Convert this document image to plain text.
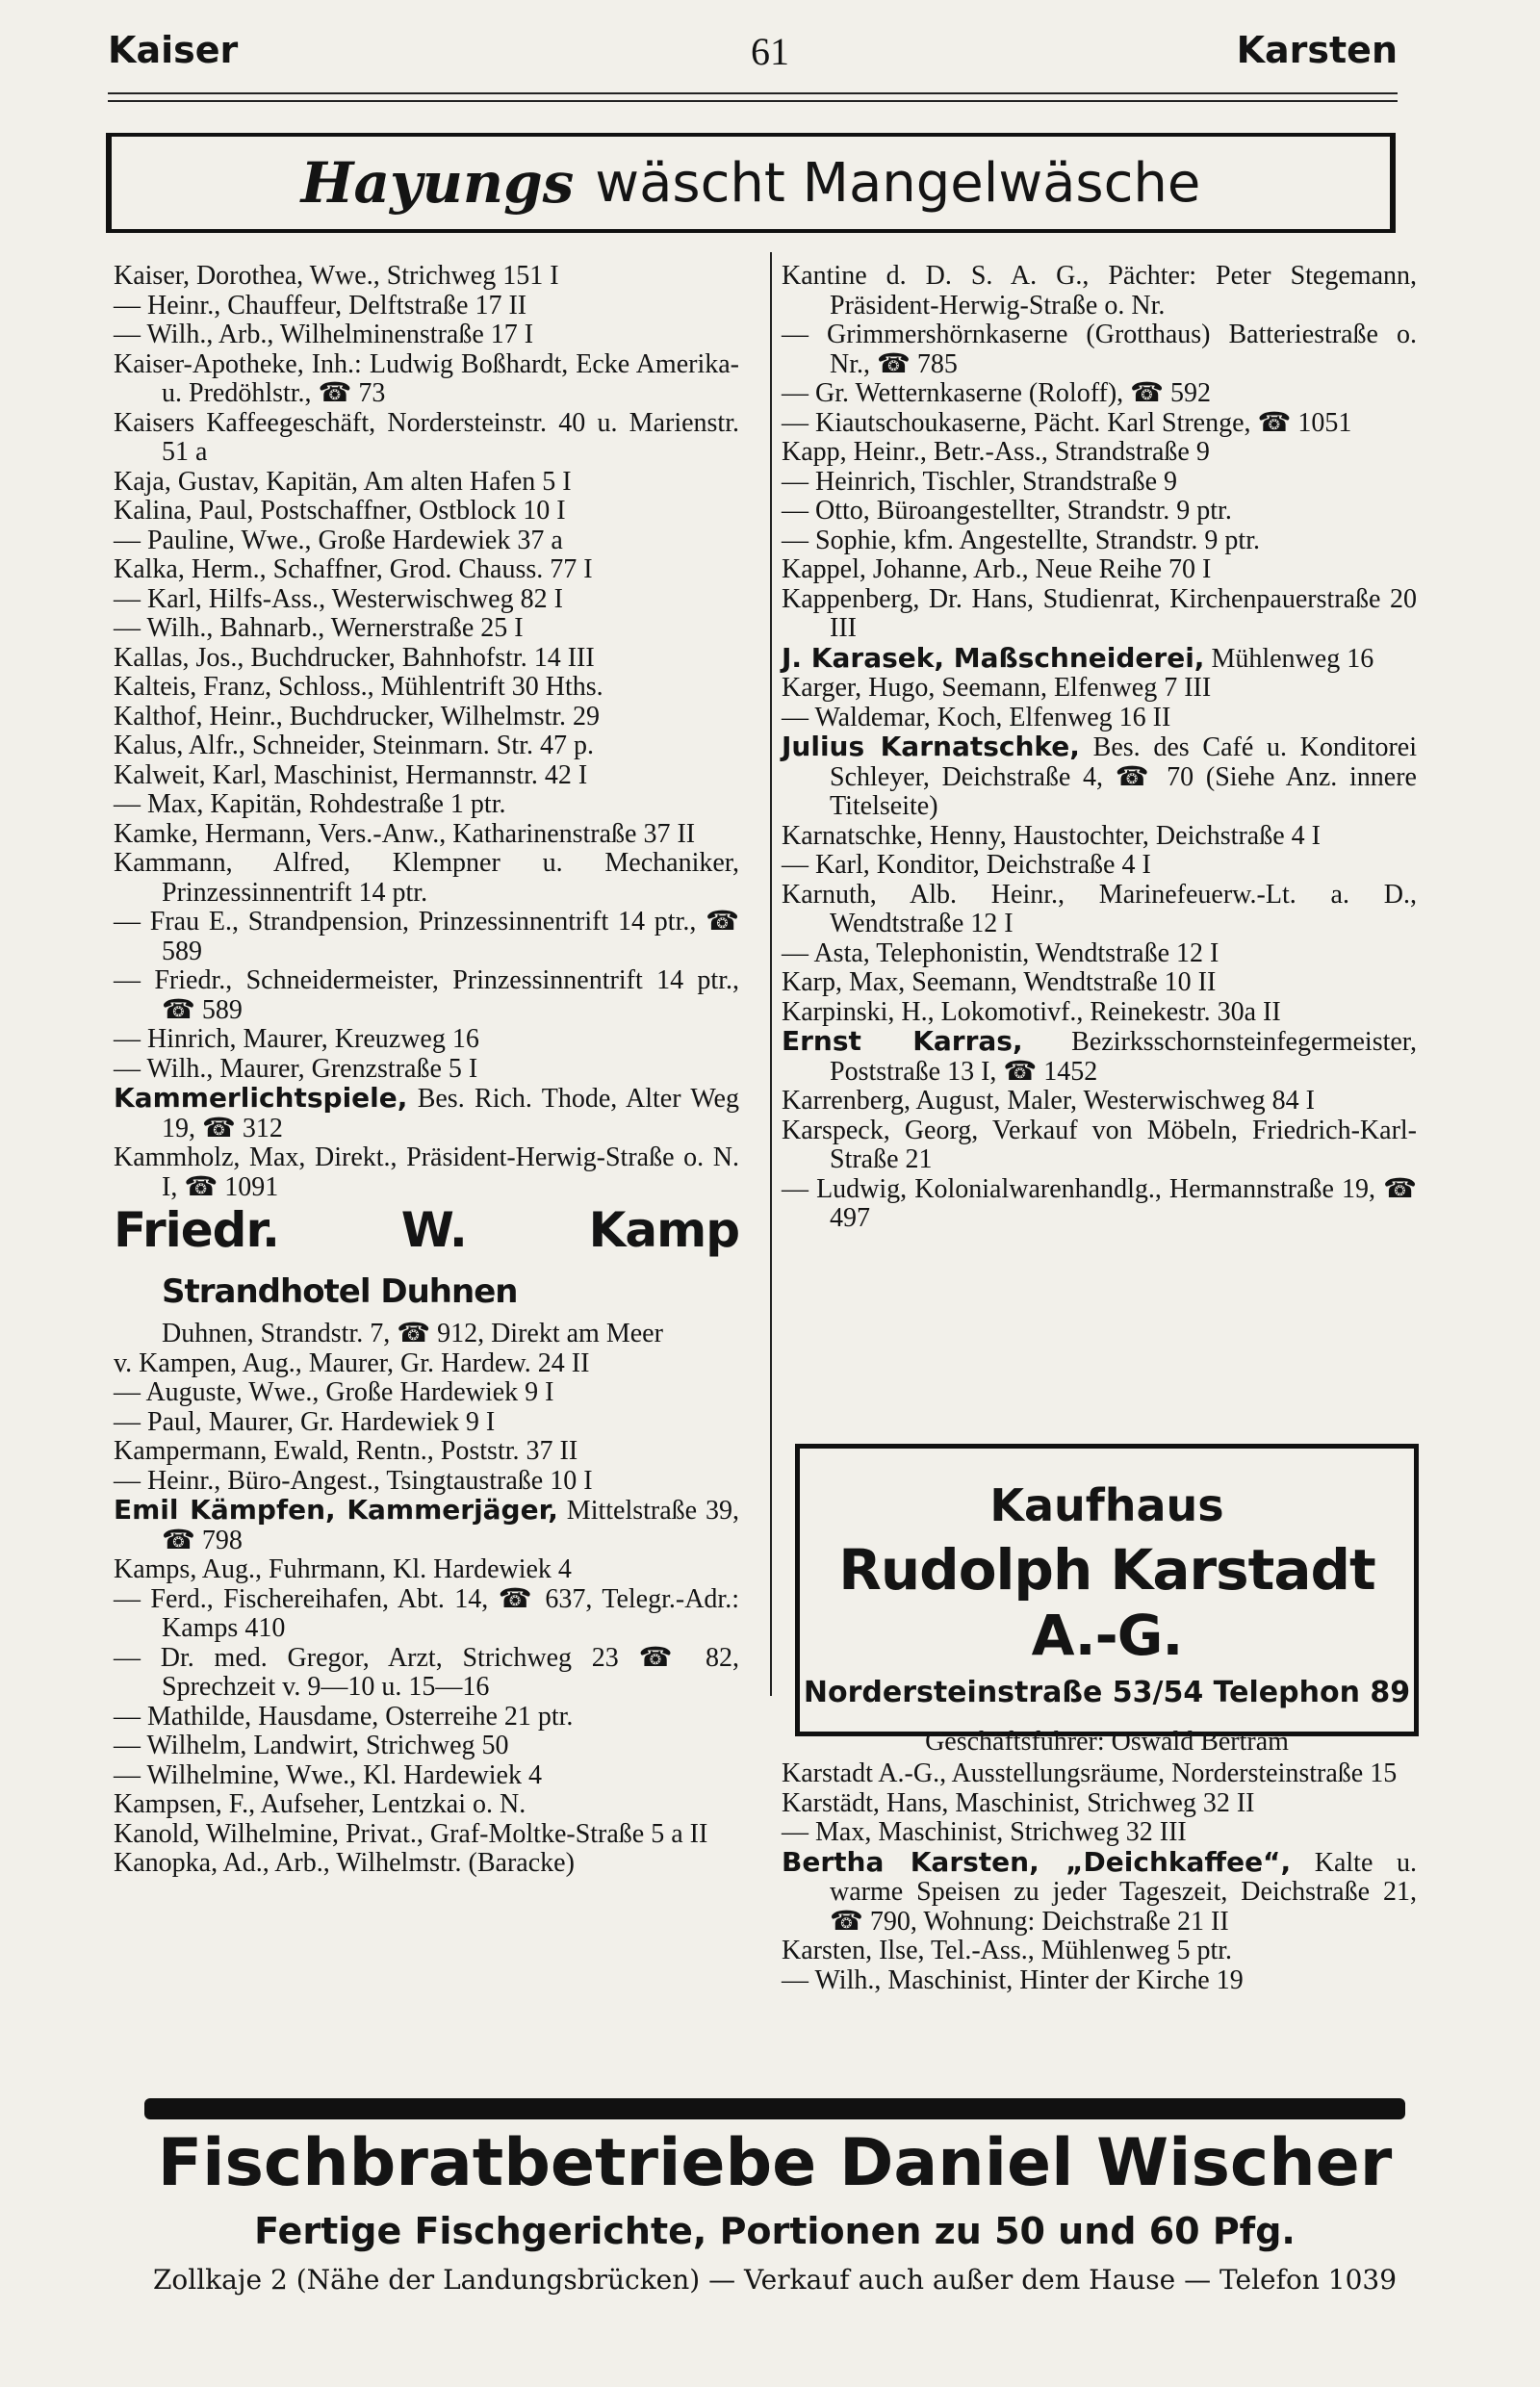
Kaiser	61	Karsten
Hayungs wäscht Mangelwäsche
Kaiser, Dorothea, Wwe., Strichweg 151 I
— Heinr., Chauffeur, Delftstraße 17 II
— Wilh., Arb., Wilhelminenstraße 17 I
Kaiser-Apotheke, Inh.: Ludwig Boßhardt, Ecke Amerika- u. Predöhlstr., ☎ 73
Kaisers Kaffeegeschäft, Nordersteinstr. 40 u. Marienstr. 51 a
Kaja, Gustav, Kapitän, Am alten Hafen 5 I
Kalina, Paul, Postschaffner, Ostblock 10 I
— Pauline, Wwe., Große Hardewiek 37 a
Kalka, Herm., Schaffner, Grod. Chauss. 77 I
— Karl, Hilfs-Ass., Westerwischweg 82 I
— Wilh., Bahnarb., Wernerstraße 25 I
Kallas, Jos., Buchdrucker, Bahnhofstr. 14 III
Kalteis, Franz, Schloss., Mühlentrift 30 Hths.
Kalthof, Heinr., Buchdrucker, Wilhelmstr. 29
Kalus, Alfr., Schneider, Steinmarn. Str. 47 p.
Kalweit, Karl, Maschinist, Hermannstr. 42 I
— Max, Kapitän, Rohdestraße 1 ptr.
Kamke, Hermann, Vers.-Anw., Katharinenstraße 37 II
Kammann, Alfred, Klempner u. Mechaniker, Prinzessinnentrift 14 ptr.
— Frau E., Strandpension, Prinzessinnentrift 14 ptr., ☎ 589
— Friedr., Schneidermeister, Prinzessinnentrift 14 ptr., ☎ 589
— Hinrich, Maurer, Kreuzweg 16
— Wilh., Maurer, Grenzstraße 5 I
Kammerlichtspiele, Bes. Rich. Thode, Alter Weg 19, ☎ 312
Kammholz, Max, Direkt., Präsident-Herwig-Straße o. N. I, ☎ 1091
Friedr. W. Kamp Strandhotel Duhnen
Duhnen, Strandstr. 7, ☎ 912, Direkt am Meer
v. Kampen, Aug., Maurer, Gr. Hardew. 24 II
— Auguste, Wwe., Große Hardewiek 9 I
— Paul, Maurer, Gr. Hardewiek 9 I
Kampermann, Ewald, Rentn., Poststr. 37 II
— Heinr., Büro-Angest., Tsingtaustraße 10 I
Emil Kämpfen, Kammerjäger, Mittelstraße 39, ☎ 798
Kamps, Aug., Fuhrmann, Kl. Hardewiek 4
— Ferd., Fischereihafen, Abt. 14, ☎ 637, Telegr.-Adr.: Kamps 410
— Dr. med. Gregor, Arzt, Strichweg 23 ☎ 82, Sprechzeit v. 9—10 u. 15—16
— Mathilde, Hausdame, Osterreihe 21 ptr.
— Wilhelm, Landwirt, Strichweg 50
— Wilhelmine, Wwe., Kl. Hardewiek 4
Kampsen, F., Aufseher, Lentzkai o. N.
Kanold, Wilhelmine, Privat., Graf-Moltke-Straße 5 a II
Kanopka, Ad., Arb., Wilhelmstr. (Baracke)
Kantine d. D. S. A. G., Pächter: Peter Stegemann, Präsident-Herwig-Straße o. Nr.
— Grimmershörnkaserne (Grotthaus) Batteriestraße o. Nr., ☎ 785
— Gr. Wetternkaserne (Roloff), ☎ 592
— Kiautschoukaserne, Pächt. Karl Strenge, ☎ 1051
Kapp, Heinr., Betr.-Ass., Strandstraße 9
— Heinrich, Tischler, Strandstraße 9
— Otto, Büroangestellter, Strandstr. 9 ptr.
— Sophie, kfm. Angestellte, Strandstr. 9 ptr.
Kappel, Johanne, Arb., Neue Reihe 70 I
Kappenberg, Dr. Hans, Studienrat, Kirchenpauerstraße 20 III
J. Karasek, Maßschneiderei, Mühlenweg 16
Karger, Hugo, Seemann, Elfenweg 7 III
— Waldemar, Koch, Elfenweg 16 II
Julius Karnatschke, Bes. des Café u. Konditorei Schleyer, Deichstraße 4, ☎ 70 (Siehe Anz. innere Titelseite)
Karnatschke, Henny, Haustochter, Deichstraße 4 I
— Karl, Konditor, Deichstraße 4 I
Karnuth, Alb. Heinr., Marinefeuerw.-Lt. a. D., Wendtstraße 12 I
— Asta, Telephonistin, Wendtstraße 12 I
Karp, Max, Seemann, Wendtstraße 10 II
Karpinski, H., Lokomotivf., Reinekestr. 30a II
Ernst Karras, Bezirksschornsteinfegermeister, Poststraße 13 I, ☎ 1452
Karrenberg, August, Maler, Westerwischweg 84 I
Karspeck, Georg, Verkauf von Möbeln, Friedrich-Karl-Straße 21
— Ludwig, Kolonialwarenhandlg., Hermannstraße 19, ☎ 497
Kaufhaus
Rudolph Karstadt A.-G.
Nordersteinstraße 53/54 Telephon 89
Geschäftsführer: Oswald Bertram
Karstadt A.-G., Ausstellungsräume, Nordersteinstraße 15
Karstädt, Hans, Maschinist, Strichweg 32 II
— Max, Maschinist, Strichweg 32 III
Bertha Karsten, „Deichkaffee“, Kalte u. warme Speisen zu jeder Tageszeit, Deichstraße 21, ☎ 790, Wohnung: Deichstraße 21 II
Karsten, Ilse, Tel.-Ass., Mühlenweg 5 ptr.
— Wilh., Maschinist, Hinter der Kirche 19
Fischbratbetriebe Daniel Wischer
Fertige Fischgerichte, Portionen zu 50 und 60 Pfg.
Zollkaje 2 (Nähe der Landungsbrücken) — Verkauf auch außer dem Hause — Telefon 1039
